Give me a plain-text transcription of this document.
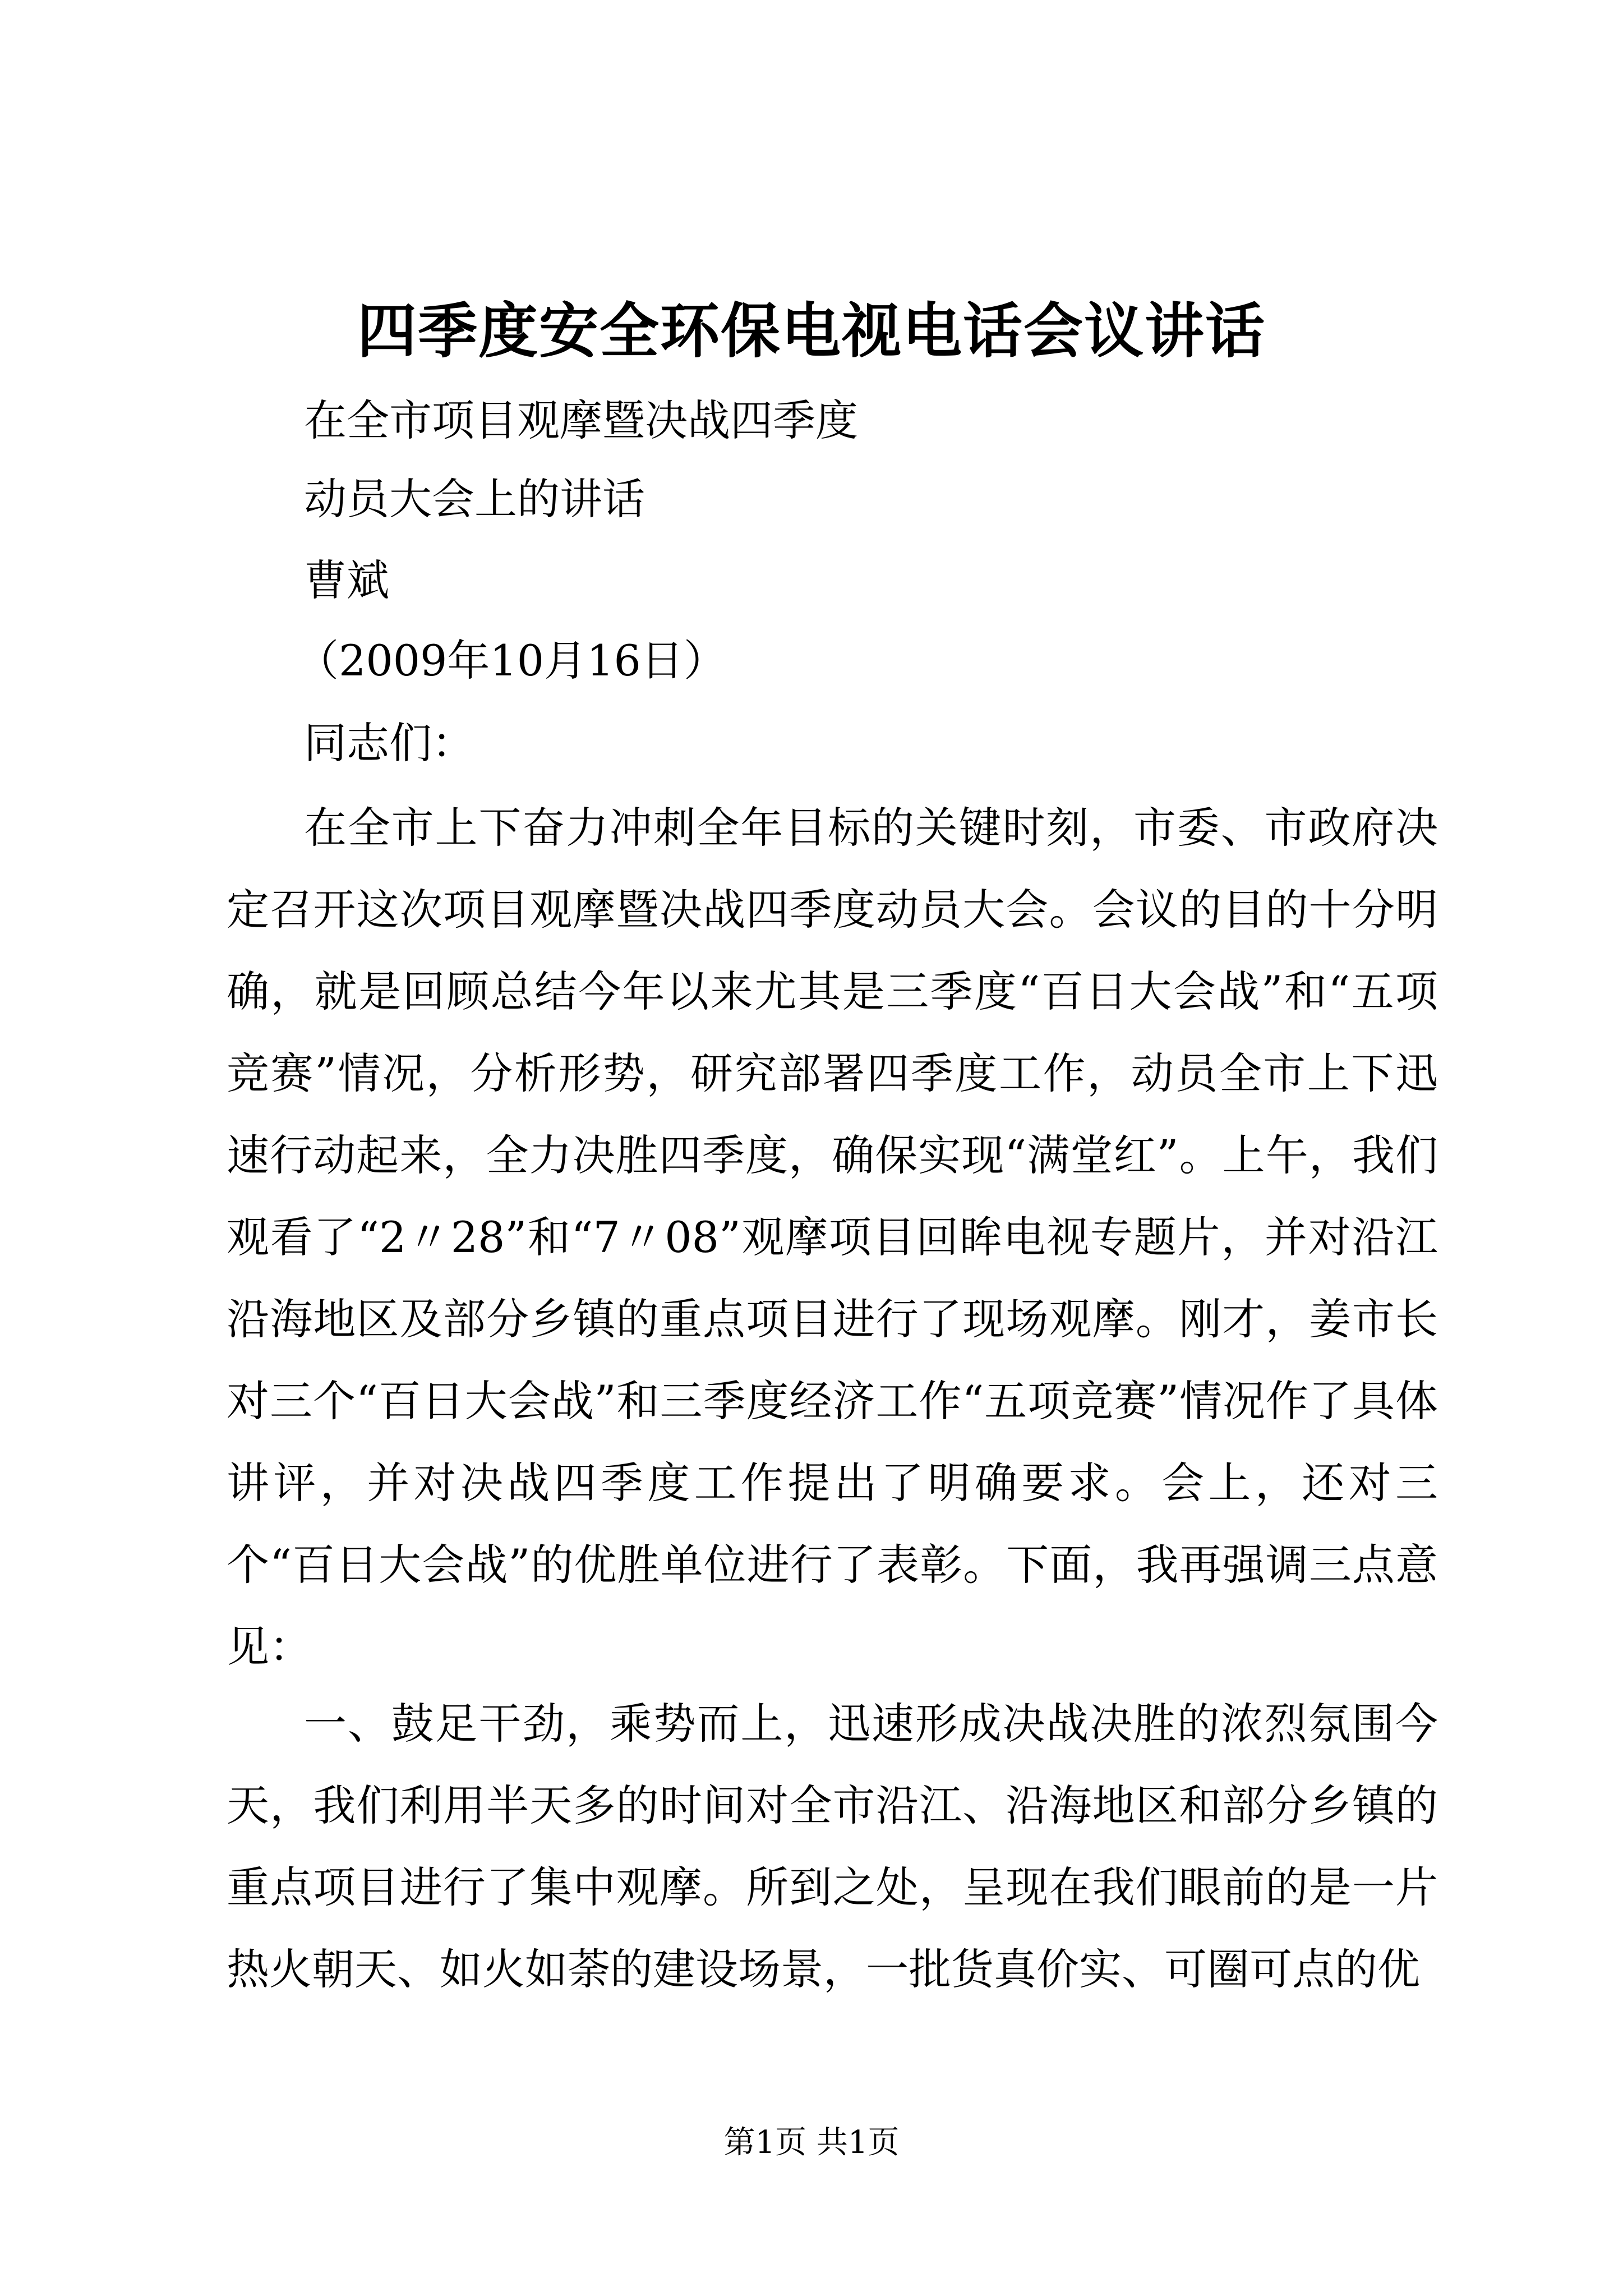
四季度安全环保电视电话会议讲话
在全市项目观摩暨决战四季度
动员大会上的讲话
曹斌
（2009年10月16日）
同志们：
在全市上下奋力冲刺全年目标的关键时刻，市委、市政府决定召开这次项目观摩暨决战四季度动员大会。会议的目的十分明确，就是回顾总结今年以来尤其是三季度“百日大会战”和“五项竞赛”情况，分析形势，研究部署四季度工作，动员全市上下迅速行动起来，全力决胜四季度，确保实现“满堂红”。上午，我们观看了“2〃28”和“7〃08”观摩项目回眸电视专题片，并对沿江沿海地区及部分乡镇的重点项目进行了现场观摩。刚才，姜市长对三个“百日大会战”和三季度经济工作“五项竞赛”情况作了具体讲评，并对决战四季度工作提出了明确要求。会上，还对三个“百日大会战”的优胜单位进行了表彰。下面，我再强调三点意见：
一、鼓足干劲，乘势而上，迅速形成决战决胜的浓烈氛围今天，我们利用半天多的时间对全市沿江、沿海地区和部分乡镇的重点项目进行了集中观摩。所到之处，呈现在我们眼前的是一片热火朝天、如火如荼的建设场景，一批货真价实、可圈可点的优
第1页 共1页
